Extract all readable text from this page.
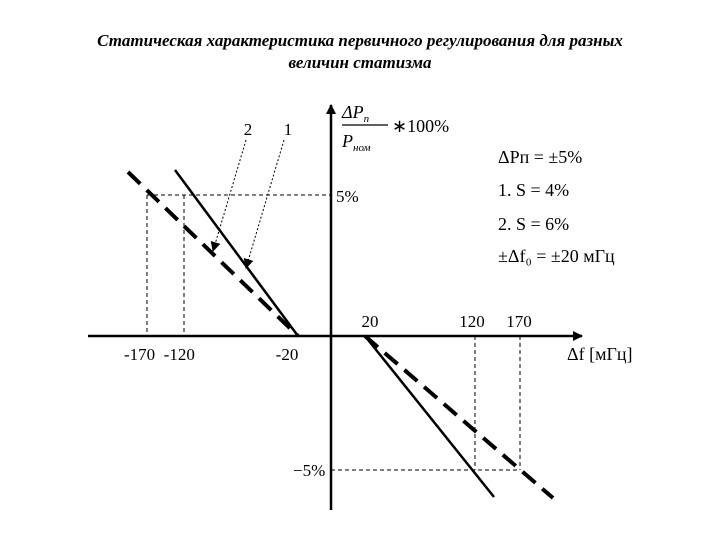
Статическая характеристика первичного регулирования для разных
величин статизма
2 1
$\Delta P_п$
$P_{ном}$
∗100%
ΔPп = ±5%
1. S = 4%
2. S = 6%
±Δf₀ = ±20 мГц
5%
−5%
20	120 170
-20
-170  -120	Δf [мГц]
